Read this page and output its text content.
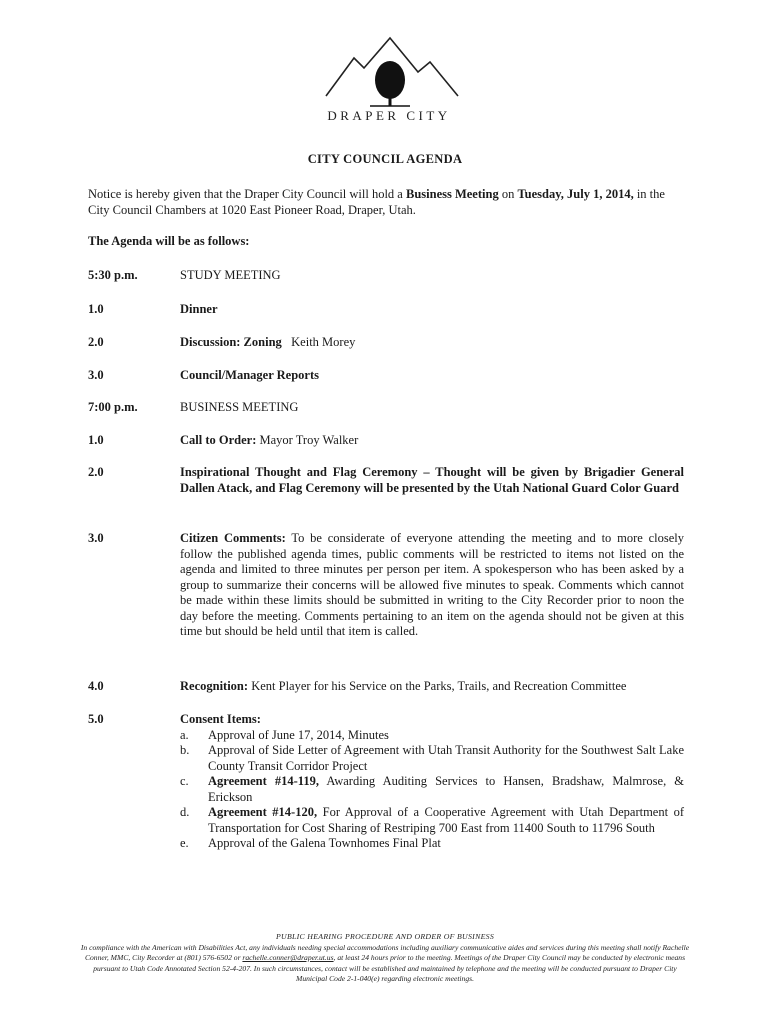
DRAPER CITY
CITY COUNCIL AGENDA
Notice is hereby given that the Draper City Council will hold a Business Meeting on Tuesday, July 1, 2014, in the City Council Chambers at 1020 East Pioneer Road, Draper, Utah.
The Agenda will be as follows:
5:30 p.m.	STUDY MEETING
1.0	Dinner
2.0	Discussion: Zoning Keith Morey
3.0	Council/Manager Reports
7:00 p.m.	BUSINESS MEETING
1.0	Call to Order: Mayor Troy Walker
2.0	Inspirational Thought and Flag Ceremony – Thought will be given by Brigadier General Dallen Atack, and Flag Ceremony will be presented by the Utah National Guard Color Guard
3.0	Citizen Comments: To be considerate of everyone attending the meeting and to more closely follow the published agenda times, public comments will be restricted to items not listed on the agenda and limited to three minutes per person per item. A spokesperson who has been asked by a group to summarize their concerns will be allowed five minutes to speak. Comments which cannot be made within these limits should be submitted in writing to the City Recorder prior to noon the day before the meeting. Comments pertaining to an item on the agenda should not be given at this time but should be held until that item is called.
4.0	Recognition: Kent Player for his Service on the Parks, Trails, and Recreation Committee
5.0	Consent Items:
a. Approval of June 17, 2014, Minutes
b. Approval of Side Letter of Agreement with Utah Transit Authority for the Southwest Salt Lake County Transit Corridor Project
c. Agreement #14-119, Awarding Auditing Services to Hansen, Bradshaw, Malmrose, & Erickson
d. Agreement #14-120, For Approval of a Cooperative Agreement with Utah Department of Transportation for Cost Sharing of Restriping 700 East from 11400 South to 11796 South
e. Approval of the Galena Townhomes Final Plat
PUBLIC HEARING PROCEDURE AND ORDER OF BUSINESS
In compliance with the American with Disabilities Act, any individuals needing special accommodations including auxiliary communicative aides and services during this meeting shall notify Rachelle Conner, MMC, City Recorder at (801) 576-6502 or rachelle.conner@draper.ut.us, at least 24 hours prior to the meeting. Meetings of the Draper City Council may be conducted by electronic means pursuant to Utah Code Annotated Section 52-4-207. In such circumstances, contact will be established and maintained by telephone and the meeting will be conducted pursuant to Draper City Municipal Code 2-1-040(e) regarding electronic meetings.
